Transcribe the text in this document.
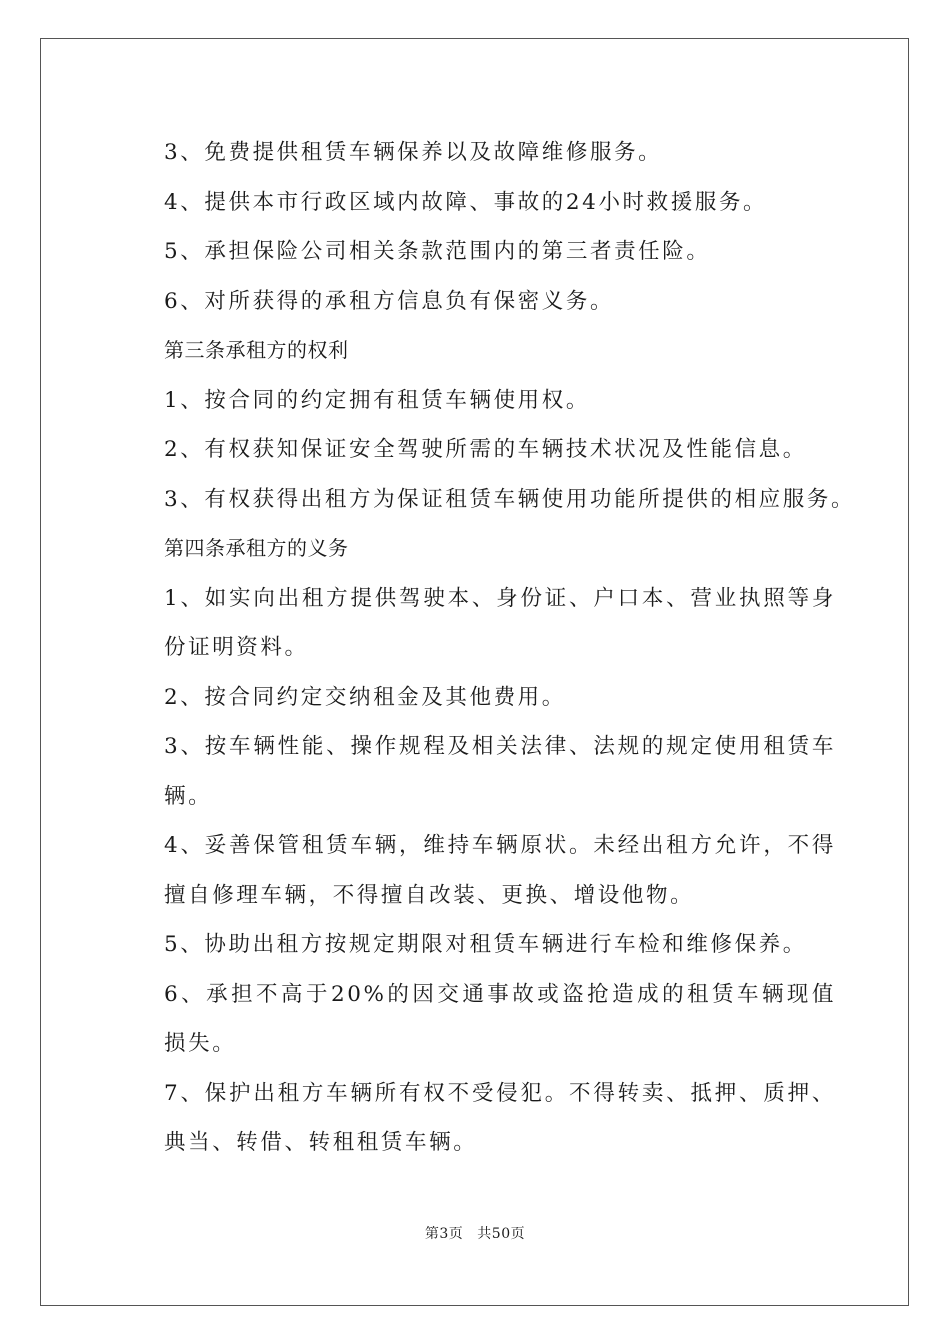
3、免费提供租赁车辆保养以及故障维修服务。

4、提供本市行政区域内故障、事故的24小时救援服务。

5、承担保险公司相关条款范围内的第三者责任险。

6、对所获得的承租方信息负有保密义务。

第三条承租方的权利

1、按合同的约定拥有租赁车辆使用权。

2、有权获知保证安全驾驶所需的车辆技术状况及性能信息。

3、有权获得出租方为保证租赁车辆使用功能所提供的相应服务。

第四条承租方的义务

1、如实向出租方提供驾驶本、身份证、户口本、营业执照等身份证明资料。

2、按合同约定交纳租金及其他费用。

3、按车辆性能、操作规程及相关法律、法规的规定使用租赁车辆。

4、妥善保管租赁车辆，维持车辆原状。未经出租方允许，不得擅自修理车辆，不得擅自改装、更换、增设他物。

5、协助出租方按规定期限对租赁车辆进行车检和维修保养。

6、承担不高于20%的因交通事故或盗抢造成的租赁车辆现值损失。

7、保护出租方车辆所有权不受侵犯。不得转卖、抵押、质押、典当、转借、转租租赁车辆。

第3页 共50页
